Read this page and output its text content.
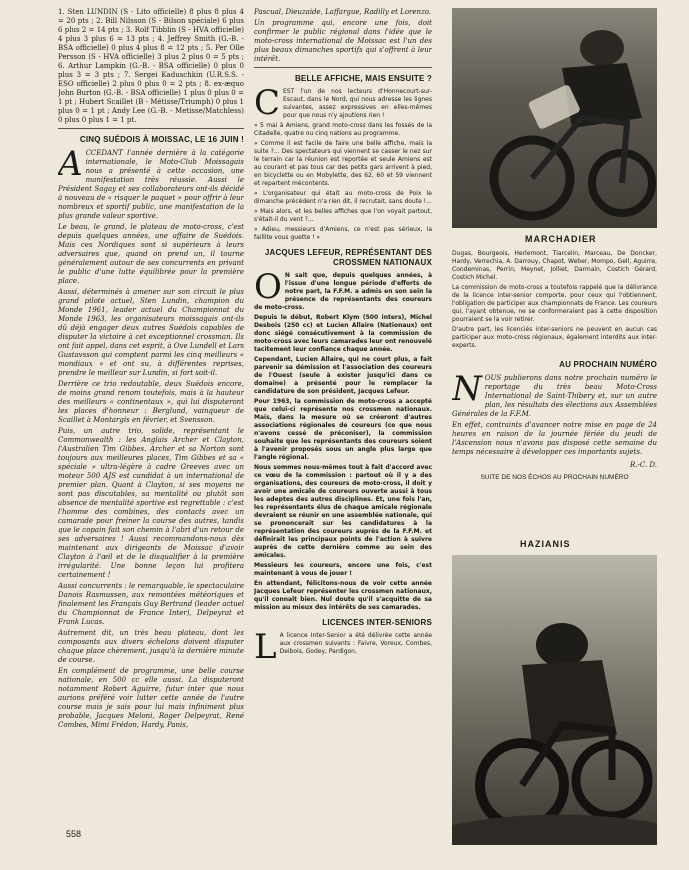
1. Sten LUNDIN (S - Lito officielle) 8 plus 8 plus 4 = 20 pts ; 2. Bill Nilsson (S - Bilson spéciale) 6 plus 6 plus 2 = 14 pts ; 3. Rolf Tibblin (S - HVA officielle) 4 plus 3 plus 6 = 13 pts ; 4. Jeffrey Smith (G.-B. - BSA officielle) 0 plus 4 plus 8 = 12 pts ; 5. Per Olle Persson (S - HVA officielle) 3 plus 2 plus 0 = 5 pts ; 6. Arthur Lampkin (G.-B. - BSA officielle) 0 plus 0 plus 3 = 3 pts ; 7. Sergei Kaduschkin (U.R.S.S. - ESO officielle) 2 plus 0 plus 0 = 2 pts ; 8. ex-æquo John Burton (G.-B. - BSA officielle) 1 plus 0 plus 0 = 1 pt ; Hubert Scaillet (B - Métisse/Triumph) 0 plus 1 plus 0 = 1 pt ; Andy Lee (G.-B. - Metisse/Matchless) 0 plus 0 plus 1 = 1 pt.

CINQ SUÉDOIS À MOISSAC, LE 16 JUIN !

ACCEDANT l'année dernière à la catégorie internationale, le Moto-Club Moissagais nous a présenté à cette occasion, une manifestation très réussie. Aussi le Président Sagay et ses collaborateurs ont-ils décidé à nouveau de « risquer le paquet » pour offrir à leur nombreux et sportif public, une manifestation de la plus grande valeur sportive.

Le beau, le grand, le plateau de moto-cross, c'est depuis quelques années, une affaire de Suédois. Mais ces Nordiques sont si supérieurs à leurs adversaires que, quand on prend un, il tourne généralement autour de ses concurrents en privant le public d'une lutte équilibrée pour la première place.

Aussi, déterminés à amener sur son circuit le plus grand pilote actuel, Sten Lundin, champion du Monde 1961, leader actuel du Championnat du Monde 1963, les organisateurs moissagais ont-ils dû déjà engager deux autres Suédois capables de disputer la victoire à cet exceptionnel crossman. Ils ont fait appel, dans cet esprit, à Ove Lundell et Lars Gustavsson qui comptent parmi les cinq meilleurs « mondiaux » et ont su, à différentes reprises, prendre le meilleur sur Lundin, si fort soit-il.

Derrière ce trio redoutable, deux Suédois encore, de moins grand renom toutefois, mais à la hauteur des meilleurs « continentaux », qui lui disputeront les places d'honneur : Berglund, vainqueur de Scaillet à Montargis en février, et Svensson.

Puis, un autre trio, solide, représentant le Commonwealth : les Anglais Archer et Clayton, l'Australien Tim Gibbes. Archer et sa Norton sont toujours aux meilleures places, Tim Gibbes et sa « spéciale » ultra-légère à cadre Greeves avec un moteur 500 AJS est candidat à un international de premier plan. Quant à Clayton, si ses moyens ne sont pas discutables, sa mentalité ou plutôt son absence de mentalité sportive est regrettable : c'est l'homme des combines, des contacts avec un camarade pour freiner la course des autres, tandis que le copain fait son chemin à l'abri d'un retour de ses adversaires ! Aussi recommandons-nous dès maintenant aux dirigeants de Moissac d'avoir Clayton à l'œil et de le disqualifier à la première irrégularité. Une bonne leçon lui profitera certainement !

Aussi concurrents : le remarquable, le spectaculaire Danois Rasmussen, aux remontées météoriques et finalement les Français Guy Bertrand (leader actuel du Championnat de France Inter), Delpeyrat et Frank Lucas.

Autrement dit, un très beau plateau, dont les composants aux divers échelons doivent disputer chaque place chèrement, jusqu'à la dernière minute de course.

En complément de programme, une belle course nationale, en 500 cc elle aussi. La disputeront notamment Robert Aguirre, futur inter que nous aurions préféré voir lutter cette année de l'autre course mais je sais pour lui mais infiniment plus probable, Jacques Meloni, Roger Delpeyrat, René Combes, Mimi Frédon, Hardy, Panis,

Pascual, Dieuzaide, Laffargue, Radilly et Lorenzo.

Un programme qui, encore une fois, doit confirmer le public régional dans l'idée que le moto-cross international de Moissac est l'un des plus beaux dimanches sportifs qui s'offrent à leur intérêt.

BELLE AFFICHE, MAIS ENSUITE ?

CEST l'un de nos lecteurs d'Honnecourt-sur-Escaut, dans le Nord, qui nous adresse les lignes suivantes, assez expressives en elles-mêmes pour que nous n'y ajoutions rien !

« 5 mai à Amiens, grand moto-cross dans les fossés de la Citadelle, quatre ou cinq nations au programme.

» Comme il est facile de faire une belle affiche, mais la suite ?... Des spectateurs qui viennent se casser le nez sur le terrain car la réunion est reportée et seule Amiens est au courant et pas tous car des petits gars arrivent à pied, en bicyclette ou en Mobylette, des 62, 60 et 59 viennent et repartent mécontents.

» L'organisateur qui était au moto-cross de Poix le dimanche précédent n'a rien dit, il recrutait, sans doute !...

» Mais alors, et les belles affiches que l'on voyait partout, s'était-il du vent ?...

» Adieu, messieurs d'Amiens, ce n'est pas sérieux, la faillite vous guette ! »

JACQUES LEFEUR, REPRÉSENTANT DES CROSSMEN NATIONAUX

O N sait que, depuis quelques années, à l'issue d'une longue période d'efforts de notre part, la F.F.M. a admis en son sein la présence de représentants des coureurs de moto-cross.

Depuis le début, Robert Klym (500 inters), Michel Desbois (250 cc) et Lucien Allaire (Nationaux) ont donc siégé consécutivement à la commission de moto-cross avec leurs camarades leur ont renouvelé tacitement leur confiance chaque année.

Cependant, Lucien Allaire, qui ne court plus, a fait parvenir sa démission et l'association des coureurs de l'Ouest (seule à exister jusqu'ici dans ce domaine) a présenté pour le remplacer la candidature de son président, Jacques Lefeur.

Pour 1963, la commission de moto-cross a accepté que celui-ci représente nos crossmen nationaux. Mais, dans la mesure où se créeront d'autres associations régionales de coureurs (ce que nous n'avons cessé de préconiser), la commission souhaite que les représentants des coureurs soient à l'avenir proposés sous un angle plus large que l'angle régional.

Nous sommes nous-mêmes tout à fait d'accord avec ce vœu de la commission : partout où il y a des organisations, des coureurs de moto-cross, il doit y avoir une amicale de coureurs ouverte aussi à tous les adeptes des autres disciplines. Et, une fois l'an, les représentants élus de chaque amicale régionale devraient se réunir en une assemblée nationale, qui se prononcerait sur les candidatures à la représentation des coureurs auprès de la F.F.M. et définirait les principaux points de l'action à suivre auprès de cette dernière comme au sein des amicales.

Messieurs les coureurs, encore une fois, c'est maintenant à vous de jouer !

En attendant, félicitons-nous de voir cette année Jacques Lefeur représenter les crossmen nationaux, qu'il connaît bien. Nul doute qu'il s'acquitte de sa mission au mieux des intérêts de ses camarades.

LICENCES INTER-SENIORS

L A licence Inter-Senior a été délivrée cette année aux crossmen suivants : Faivre, Voreux, Combes, Deibois, Godey, Pardigon,

MARCHADIER

Dugas, Bourgeois, Herlemont, Tiarcelin, Marceau, De Doncker, Hardy, Verrechia, A. Darrouy, Chapot, Weber, Mompo, Gell, Aguirre, Condeminas, Perrin, Meynet, Jolliet, Darmain, Costich Gérard, Costich Michel.

La commission de moto-cross a toutefois rappelé que la délivrance de la licence inter-senior comporte, pour ceux qui l'obtiennent, l'obligation de participer aux championnats de France. Les coureurs qui, l'ayant obtenue, ne se conformeraient pas à cette disposition pourraient se la voir retirer.

D'autre part, les licenciés inter-seniors ne peuvent en aucun cas participer aux moto-cross régionaux, également interdits aux inter-experts.

AU PROCHAIN NUMÉRO

NOUS publierons dans notre prochain numéro le reportage du très beau Moto-Cross International de Saint-Thibery et, sur un autre plan, les résultats des élections aux Assemblées Générales de la F.F.M.

En effet, contraints d'avancer notre mise en page de 24 heures en raison de la journée fériée du jeudi de l'Ascension nous n'avons pas disposé cette semaine du temps nécessaire à développer ces importants sujets.

R.-C. D.
SUITE DE NOS ÉCHOS AU PROCHAIN NUMÉRO
HAZIANIS
558
